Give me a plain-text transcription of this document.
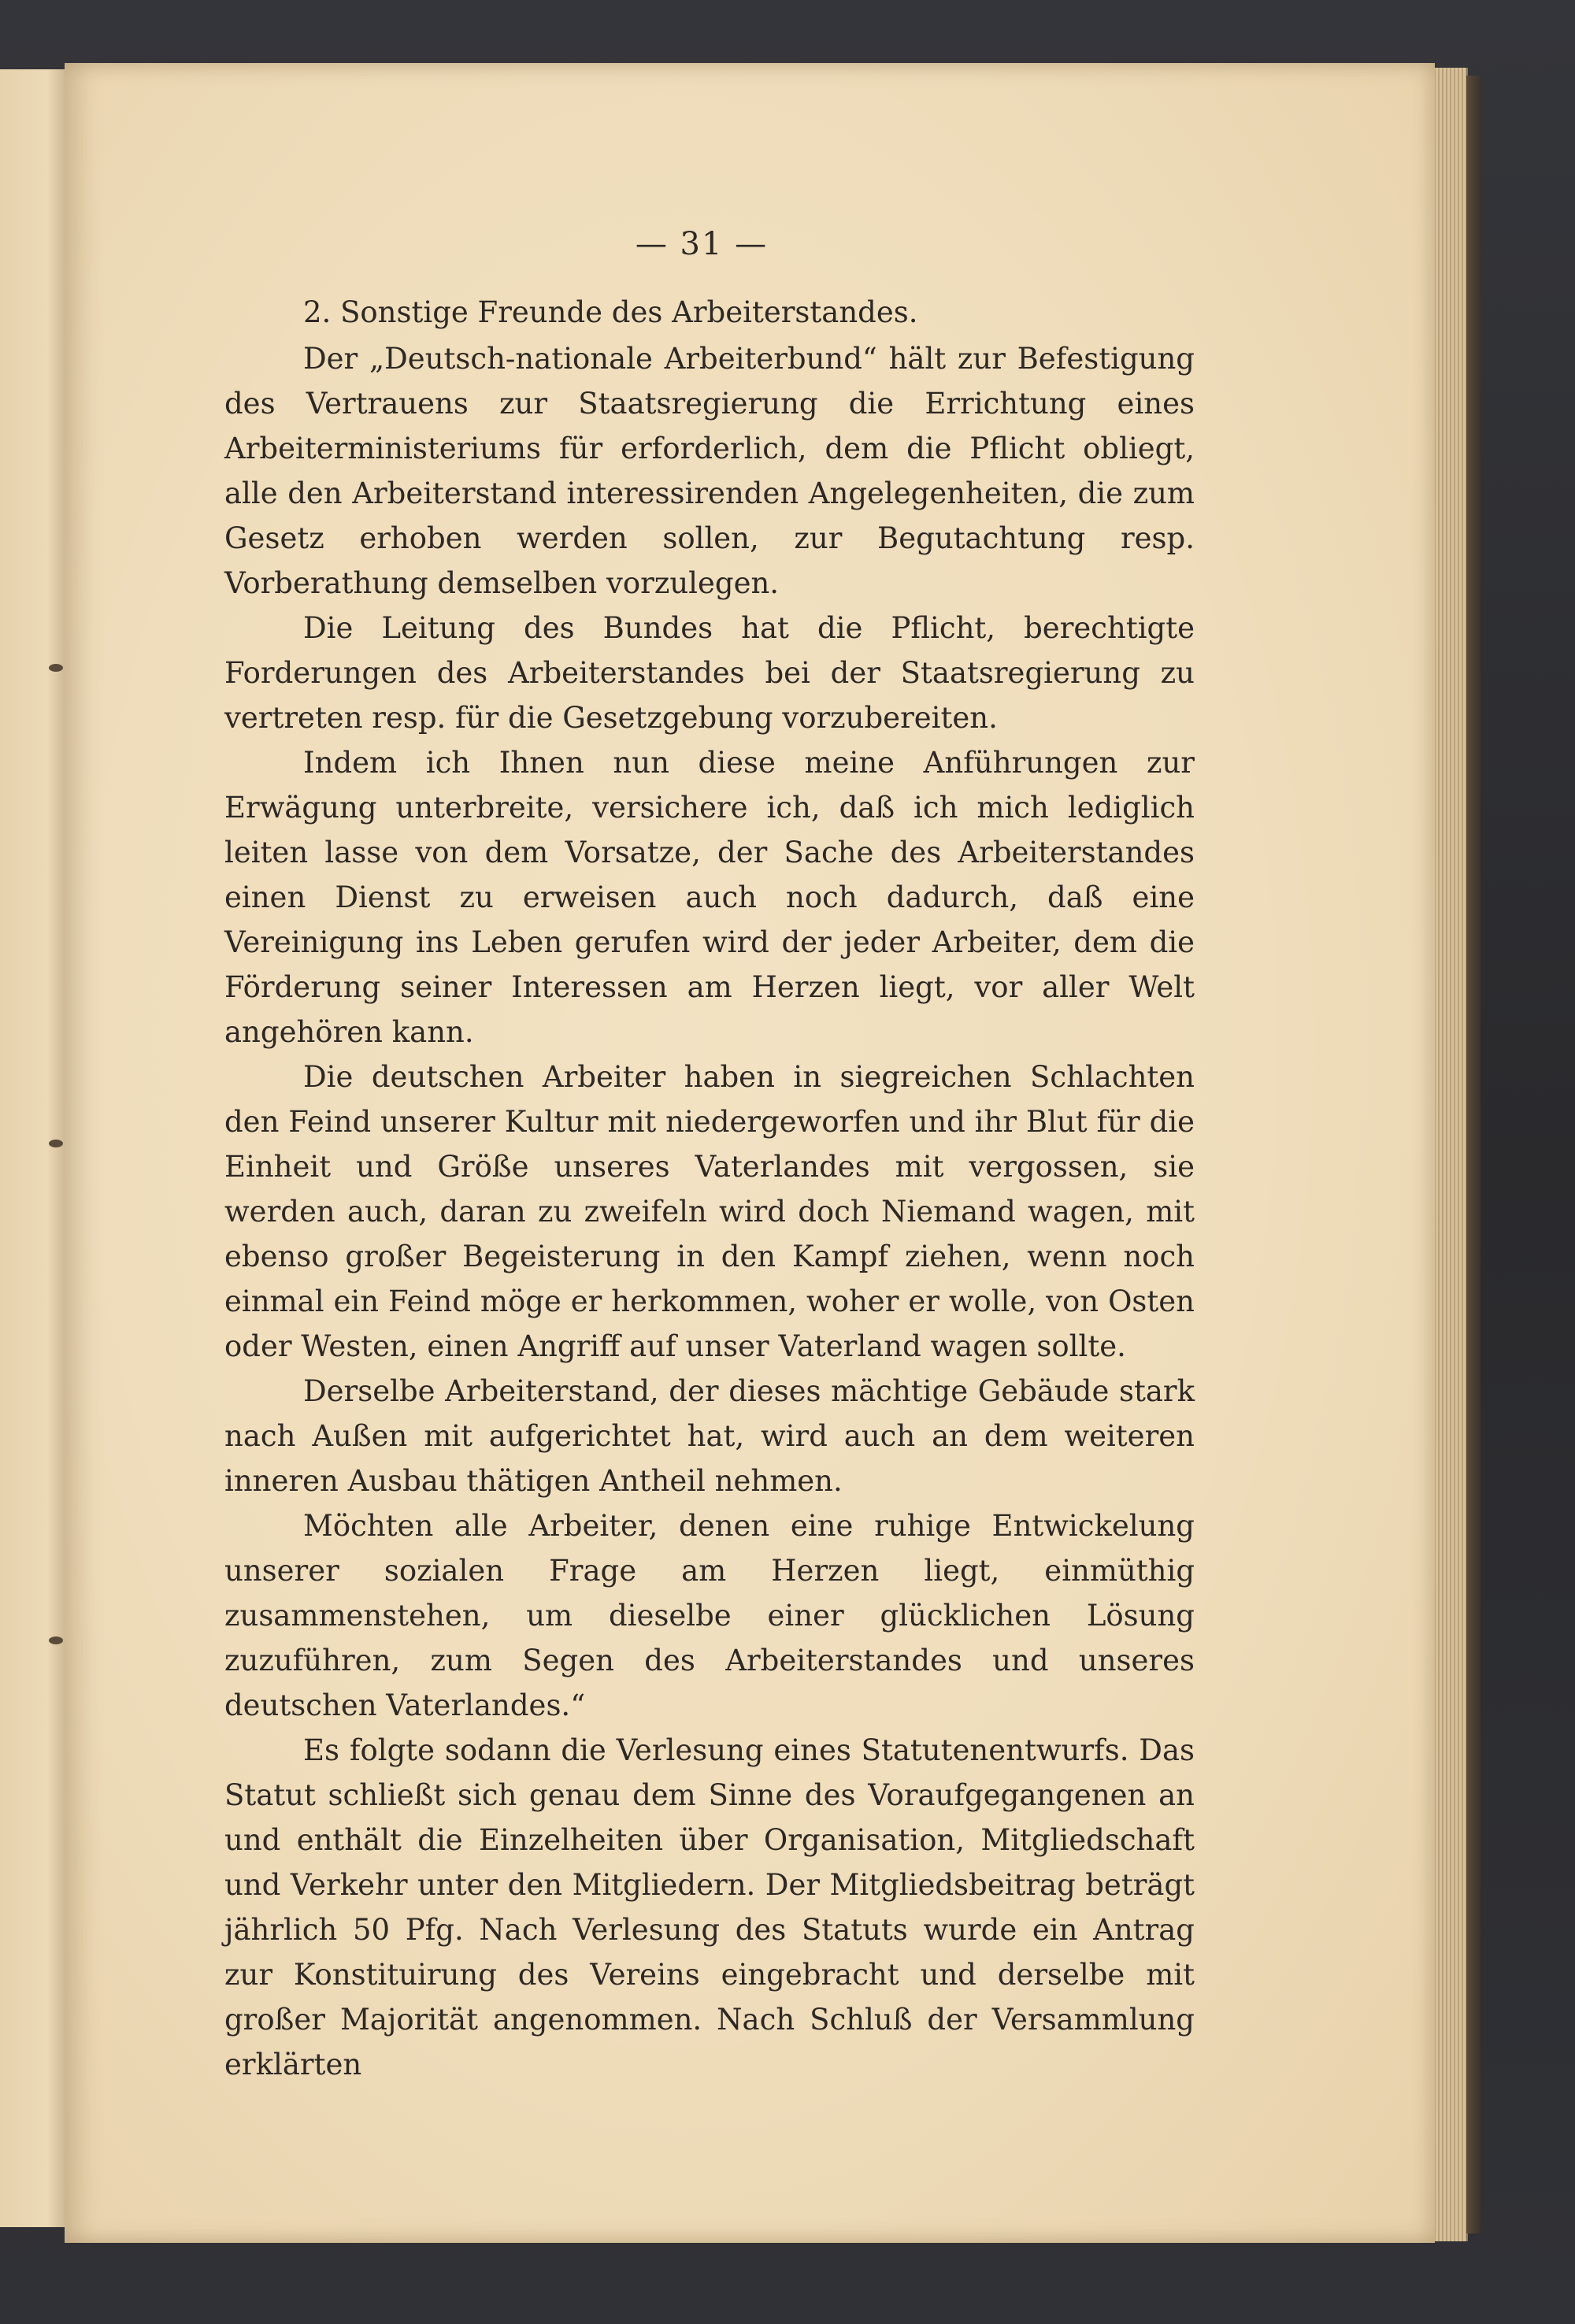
— 31 —
2. Sonstige Freunde des Arbeiterstandes.

Der „Deutsch-nationale Arbeiterbund“ hält zur Befestigung des Vertrauens zur Staatsregierung die Errichtung eines Arbeiterministeriums für erforderlich, dem die Pflicht obliegt, alle den Arbeiterstand interessirenden Angelegenheiten, die zum Gesetz erhoben werden sollen, zur Begutachtung resp. Vorberathung demselben vorzulegen.

Die Leitung des Bundes hat die Pflicht, berechtigte Forderungen des Arbeiterstandes bei der Staatsregierung zu vertreten resp. für die Gesetzgebung vorzubereiten.

Indem ich Ihnen nun diese meine Anführungen zur Erwägung unterbreite, versichere ich, daß ich mich lediglich leiten lasse von dem Vorsatze, der Sache des Arbeiterstandes einen Dienst zu erweisen auch noch dadurch, daß eine Vereinigung ins Leben gerufen wird der jeder Arbeiter, dem die Förderung seiner Interessen am Herzen liegt, vor aller Welt angehören kann.

Die deutschen Arbeiter haben in siegreichen Schlachten den Feind unserer Kultur mit niedergeworfen und ihr Blut für die Einheit und Größe unseres Vaterlandes mit vergossen, sie werden auch, daran zu zweifeln wird doch Niemand wagen, mit ebenso großer Begeisterung in den Kampf ziehen, wenn noch einmal ein Feind möge er herkommen, woher er wolle, von Osten oder Westen, einen Angriff auf unser Vaterland wagen sollte.

Derselbe Arbeiterstand, der dieses mächtige Gebäude stark nach Außen mit aufgerichtet hat, wird auch an dem weiteren inneren Ausbau thätigen Antheil nehmen.

Möchten alle Arbeiter, denen eine ruhige Entwickelung unserer sozialen Frage am Herzen liegt, einmüthig zusammenstehen, um dieselbe einer glücklichen Lösung zuzuführen, zum Segen des Arbeiterstandes und unseres deutschen Vaterlandes.“

Es folgte sodann die Verlesung eines Statutenentwurfs. Das Statut schließt sich genau dem Sinne des Voraufgegangenen an und enthält die Einzelheiten über Organisation, Mitgliedschaft und Verkehr unter den Mitgliedern. Der Mitgliedsbeitrag beträgt jährlich 50 Pfg. Nach Verlesung des Statuts wurde ein Antrag zur Konstituirung des Vereins eingebracht und derselbe mit großer Majorität angenommen. Nach Schluß der Versammlung erklärten
